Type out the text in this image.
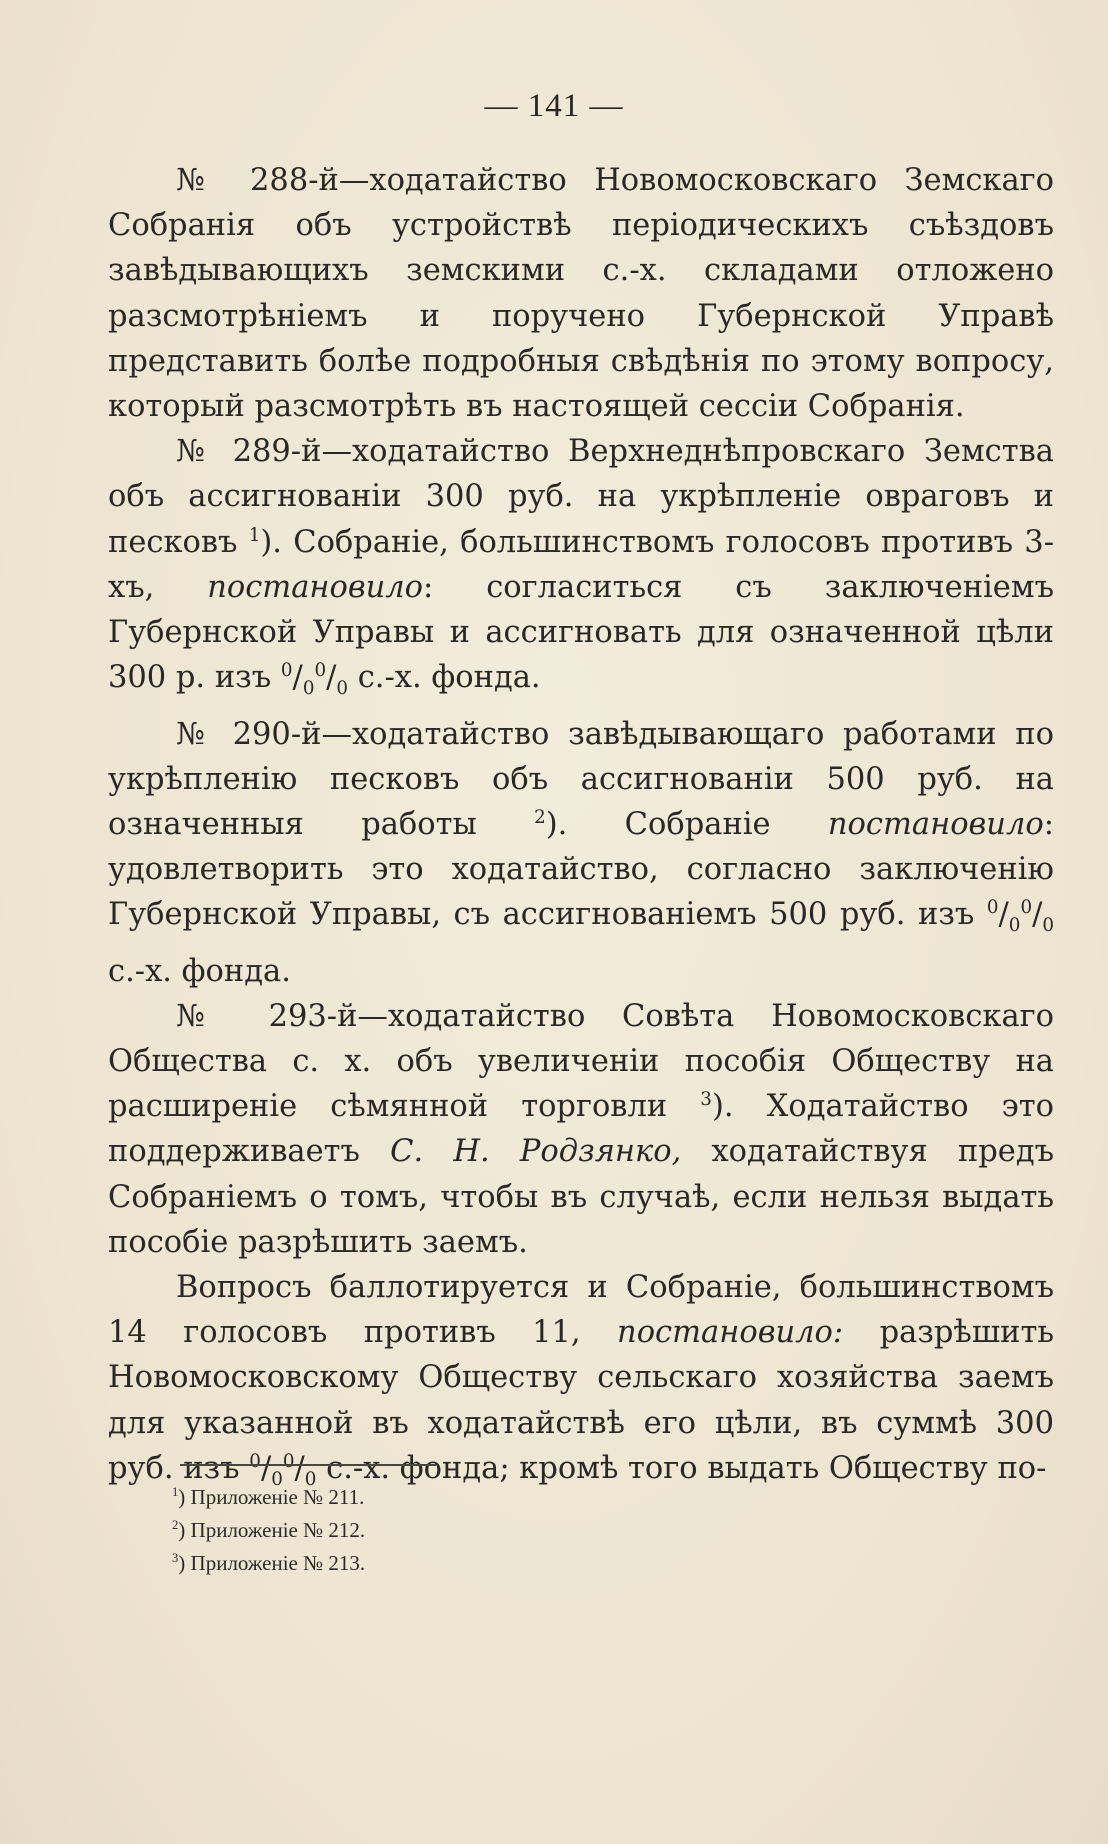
— 141 —

№ 288-й—ходатайство Новомосковскаго Земскаго Собранія объ устройствѣ періодическихъ съѣздовъ завѣдывающихъ земскими с.-х. складами отложено разсмотрѣніемъ и поручено Губернской Управѣ представить болѣе подробныя свѣдѣнія по этому вопросу, который разсмотрѣть въ настоящей сессіи Собранія.

№ 289-й—ходатайство Верхнеднѣпровскаго Земства объ ассигнованіи 300 руб. на укрѣпленіе овраговъ и песковъ $^1$). Собраніе, большинствомъ голосовъ противъ 3-хъ, постановило: согласиться съ заключеніемъ Губернской Управы и ассигновать для означенной цѣли 300 р. изъ $^0/_0^0/_0$ с.-х. фонда.

№ 290-й—ходатайство завѣдывающаго работами по укрѣпленію песковъ объ ассигнованіи 500 руб. на означенныя работы $^2$). Собраніе постановило: удовлетворить это ходатайство, согласно заключенію Губернской Управы, съ ассигнованіемъ 500 руб. изъ $^0/_0^0/_0$ с.-х. фонда.

№ 293-й—ходатайство Совѣта Новомосковскаго Общества с. х. объ увеличеніи пособія Обществу на расширеніе сѣмянной торговли $^3$). Ходатайство это поддерживаетъ С. Н. Родзянко, ходатайствуя предъ Собраніемъ о томъ, чтобы въ случаѣ, если нельзя выдать пособіе разрѣшить заемъ.

Вопросъ баллотируется и Собраніе, большинствомъ 14 голосовъ противъ 11, постановило: разрѣшить Новомосковскому Обществу сельскаго хозяйства заемъ для указанной въ ходатайствѣ его цѣли, въ суммѣ 300 руб. изъ $^0/_0^0/_0$ с.-х. фонда; кромѣ того выдать Обществу по-

$^1$) Приложеніе № 211.
$^2$) Приложеніе № 212.
$^3$) Приложеніе № 213.
